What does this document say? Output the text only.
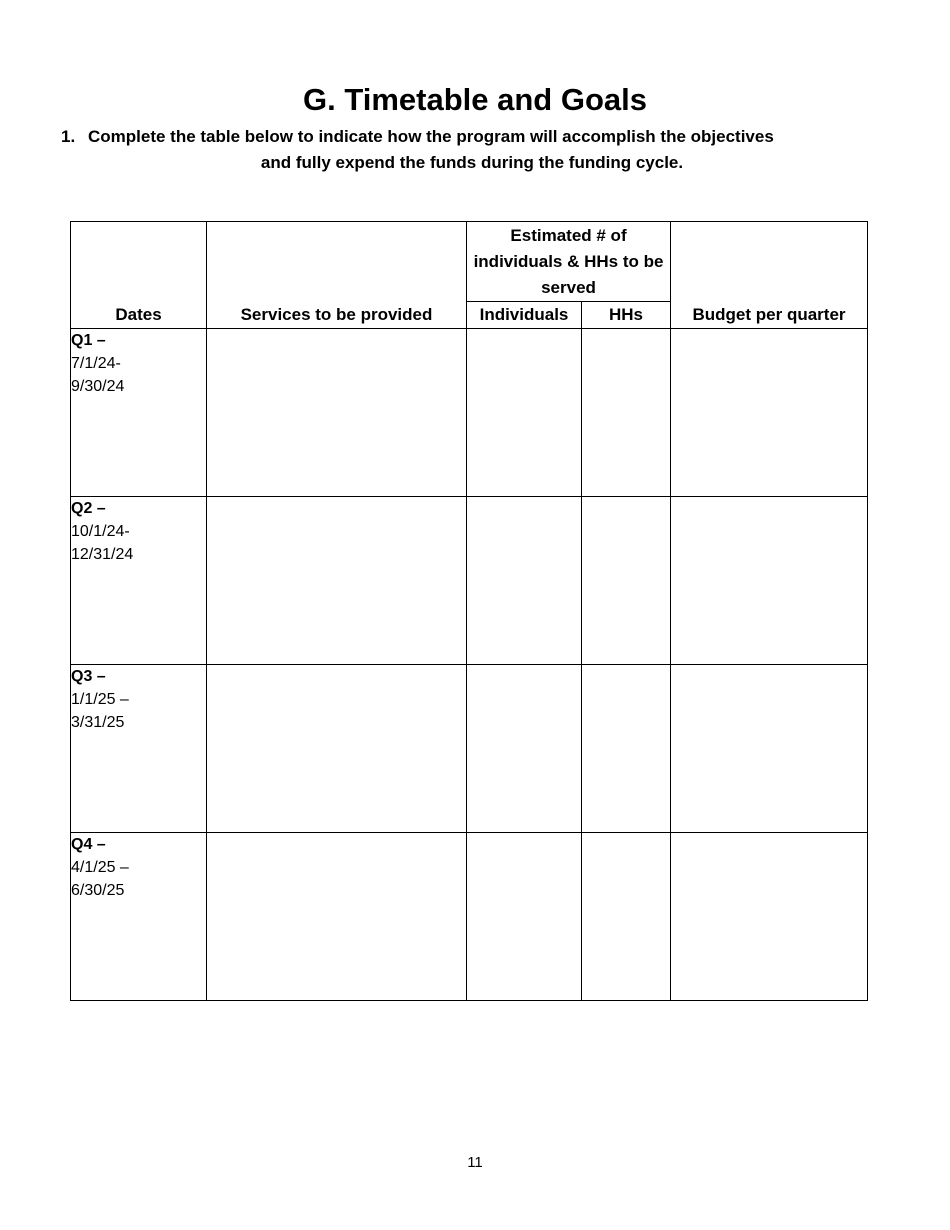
G. Timetable and Goals
1. Complete the table below to indicate how the program will accomplish the objectives
and fully expend the funds during the funding cycle.
Dates	Services to be provided	Estimated # of individuals & HHs to be served		Budget per quarter
		Individuals	HHs	

Q1 –
7/1/24-
9/30/24				

Q2 –
10/1/24-
12/31/24				

Q3 –
1/1/25 –
3/31/25				

Q4 –
4/1/25 –
6/30/25				

11
